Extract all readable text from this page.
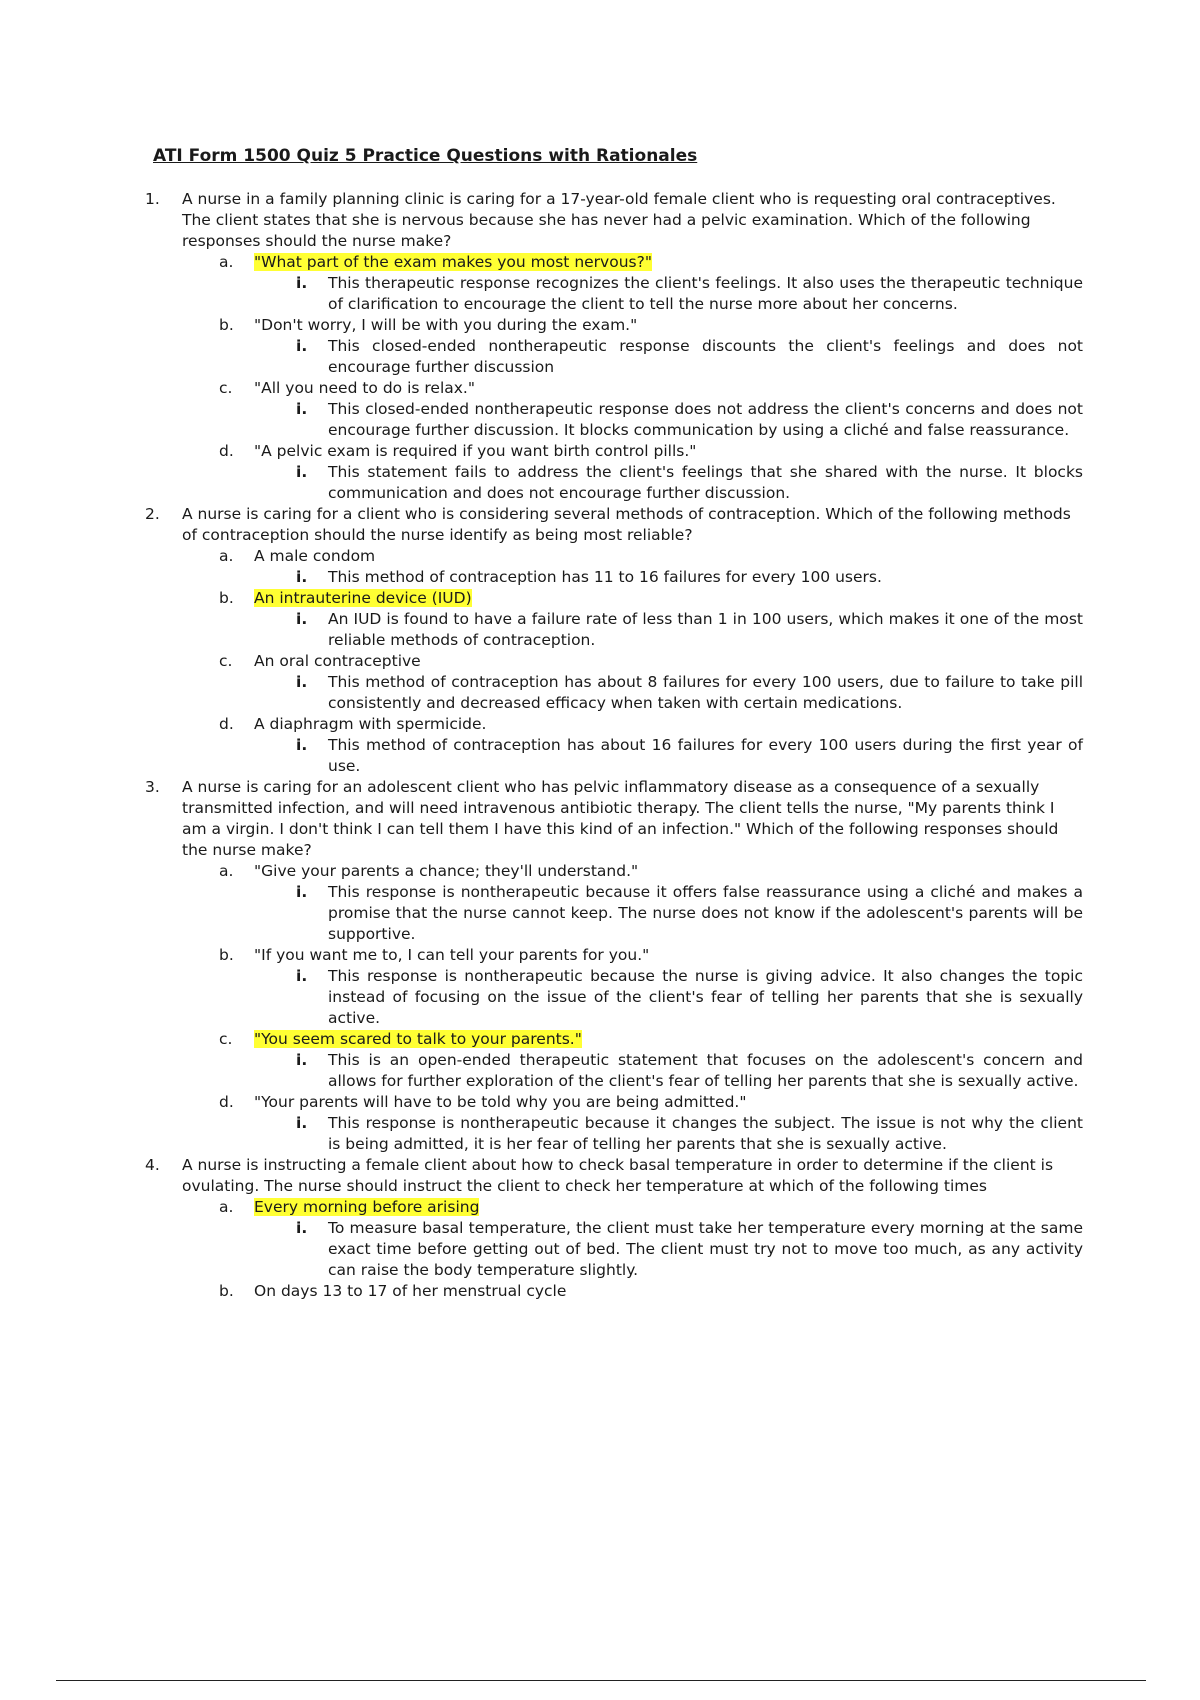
ATI Form 1500 Quiz 5 Practice Questions with Rationales
1.	A nurse in a family planning clinic is caring for a 17-year-old female client who is requesting oral contraceptives. The client states that she is nervous because she has never had a pelvic examination. Which of the following responses should the nurse make?
a.	"What part of the exam makes you most nervous?"
i.	This therapeutic response recognizes the client's feelings. It also uses the therapeutic technique of clarification to encourage the client to tell the nurse more about her concerns.
b.	"Don't worry, I will be with you during the exam."
i.	This closed-ended nontherapeutic response discounts the client's feelings and does not encourage further discussion
c.	"All you need to do is relax."
i.	This closed-ended nontherapeutic response does not address the client's concerns and does not encourage further discussion. It blocks communication by using a cliché and false reassurance.
d.	"A pelvic exam is required if you want birth control pills."
i.	This statement fails to address the client's feelings that she shared with the nurse. It blocks communication and does not encourage further discussion.
2.	A nurse is caring for a client who is considering several methods of contraception. Which of the following methods of contraception should the nurse identify as being most reliable?
a.	A male condom
i.	This method of contraception has 11 to 16 failures for every 100 users.
b.	An intrauterine device (IUD)
i.	An IUD is found to have a failure rate of less than 1 in 100 users, which makes it one of the most reliable methods of contraception.
c.	An oral contraceptive
i.	This method of contraception has about 8 failures for every 100 users, due to failure to take pill consistently and decreased efficacy when taken with certain medications.
d.	A diaphragm with spermicide.
i.	This method of contraception has about 16 failures for every 100 users during the first year of use.
3.	A nurse is caring for an adolescent client who has pelvic inflammatory disease as a consequence of a sexually transmitted infection, and will need intravenous antibiotic therapy. The client tells the nurse, "My parents think I am a virgin. I don't think I can tell them I have this kind of an infection." Which of the following responses should the nurse make?
a.	"Give your parents a chance; they'll understand."
i.	This response is nontherapeutic because it offers false reassurance using a cliché and makes a promise that the nurse cannot keep. The nurse does not know if the adolescent's parents will be supportive.
b.	"If you want me to, I can tell your parents for you."
i.	This response is nontherapeutic because the nurse is giving advice. It also changes the topic instead of focusing on the issue of the client's fear of telling her parents that she is sexually active.
c.	"You seem scared to talk to your parents."
i.	This is an open-ended therapeutic statement that focuses on the adolescent's concern and allows for further exploration of the client's fear of telling her parents that she is sexually active.
d.	"Your parents will have to be told why you are being admitted."
i.	This response is nontherapeutic because it changes the subject. The issue is not why the client is being admitted, it is her fear of telling her parents that she is sexually active.
4.	A nurse is instructing a female client about how to check basal temperature in order to determine if the client is ovulating. The nurse should instruct the client to check her temperature at which of the following times
a.	Every morning before arising
i.	To measure basal temperature, the client must take her temperature every morning at the same exact time before getting out of bed. The client must try not to move too much, as any activity can raise the body temperature slightly.
b.	On days 13 to 17 of her menstrual cycle
